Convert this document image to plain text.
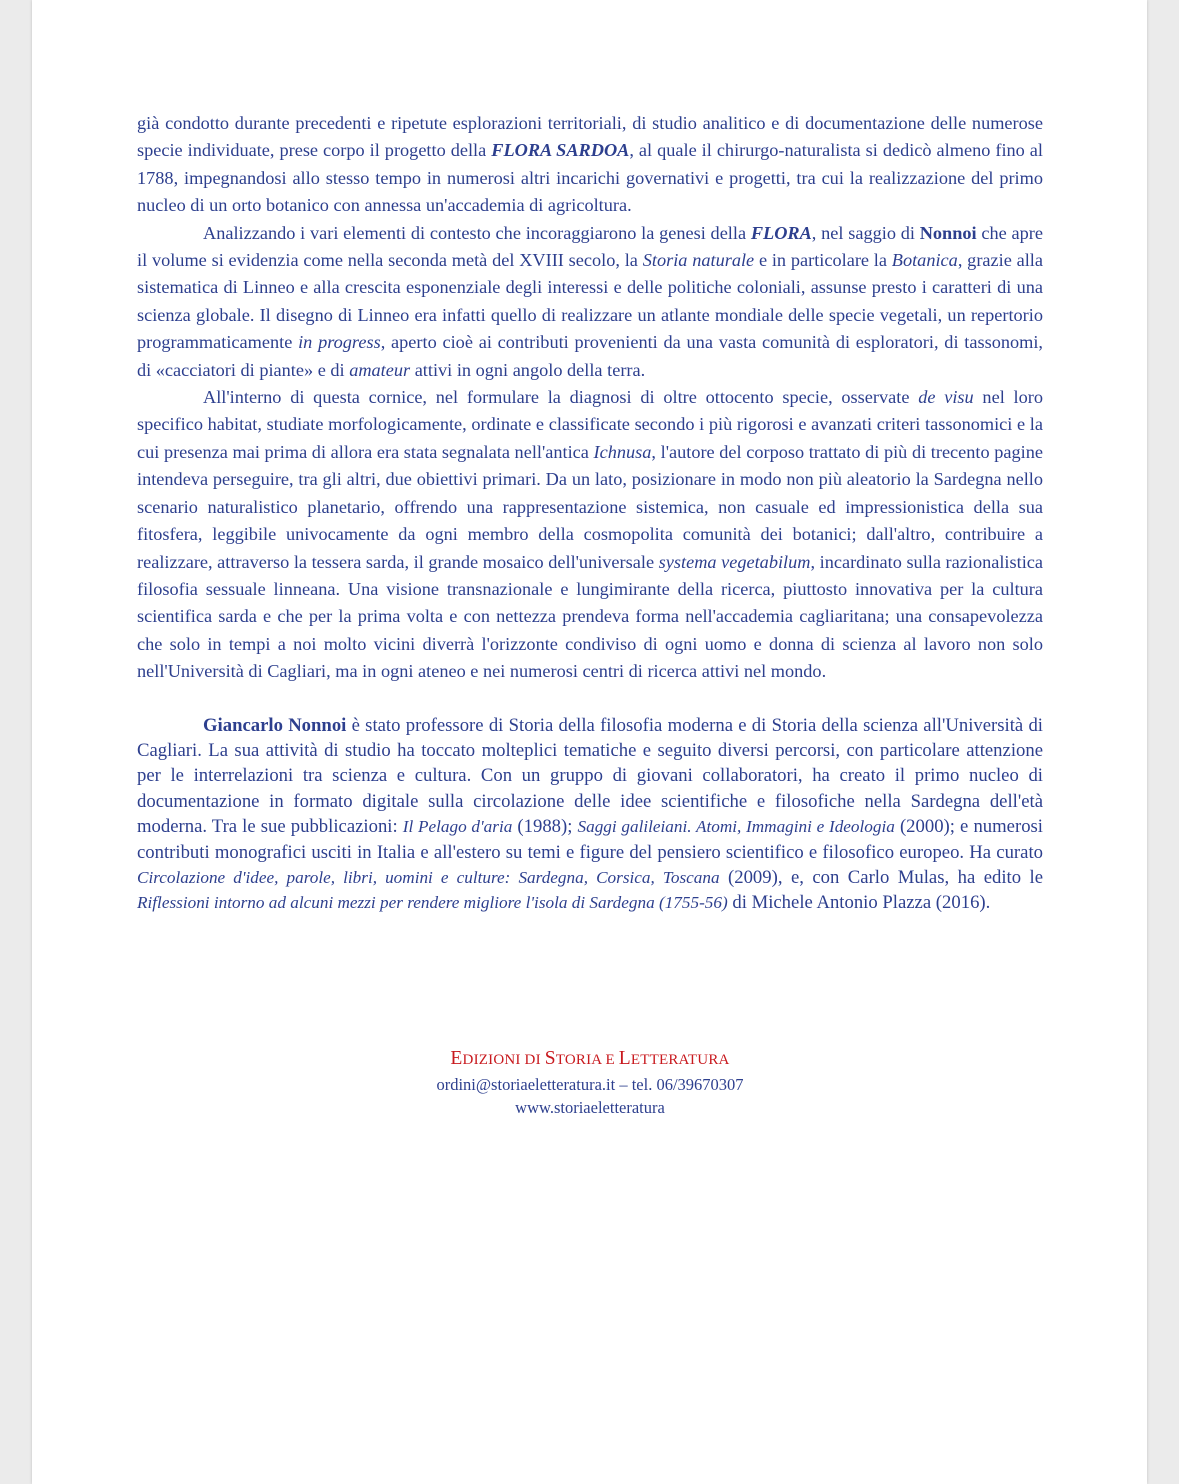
già condotto durante precedenti e ripetute esplorazioni territoriali, di studio analitico e di documentazione delle numerose specie individuate, prese corpo il progetto della FLORA SARDOA, al quale il chirurgo-naturalista si dedicò almeno fino al 1788, impegnandosi allo stesso tempo in numerosi altri incarichi governativi e progetti, tra cui la realizzazione del primo nucleo di un orto botanico con annessa un'accademia di agricoltura.

Analizzando i vari elementi di contesto che incoraggiarono la genesi della FLORA, nel saggio di Nonnoi che apre il volume si evidenzia come nella seconda metà del XVIII secolo, la Storia naturale e in particolare la Botanica, grazie alla sistematica di Linneo e alla crescita esponenziale degli interessi e delle politiche coloniali, assunse presto i caratteri di una scienza globale. Il disegno di Linneo era infatti quello di realizzare un atlante mondiale delle specie vegetali, un repertorio programmaticamente in progress, aperto cioè ai contributi provenienti da una vasta comunità di esploratori, di tassonomi, di «cacciatori di piante» e di amateur attivi in ogni angolo della terra.

All'interno di questa cornice, nel formulare la diagnosi di oltre ottocento specie, osservate de visu nel loro specifico habitat, studiate morfologicamente, ordinate e classificate secondo i più rigorosi e avanzati criteri tassonomici e la cui presenza mai prima di allora era stata segnalata nell'antica Ichnusa, l'autore del corposo trattato di più di trecento pagine intendeva perseguire, tra gli altri, due obiettivi primari. Da un lato, posizionare in modo non più aleatorio la Sardegna nello scenario naturalistico planetario, offrendo una rappresentazione sistemica, non casuale ed impressionistica della sua fitosfera, leggibile univocamente da ogni membro della cosmopolita comunità dei botanici; dall'altro, contribuire a realizzare, attraverso la tessera sarda, il grande mosaico dell'universale systema vegetabilum, incardinato sulla razionalistica filosofia sessuale linneana. Una visione transnazionale e lungimirante della ricerca, piuttosto innovativa per la cultura scientifica sarda e che per la prima volta e con nettezza prendeva forma nell'accademia cagliaritana; una consapevolezza che solo in tempi a noi molto vicini diverrà l'orizzonte condiviso di ogni uomo e donna di scienza al lavoro non solo nell'Università di Cagliari, ma in ogni ateneo e nei numerosi centri di ricerca attivi nel mondo.

Giancarlo Nonnoi è stato professore di Storia della filosofia moderna e di Storia della scienza all'Università di Cagliari. La sua attività di studio ha toccato molteplici tematiche e seguito diversi percorsi, con particolare attenzione per le interrelazioni tra scienza e cultura. Con un gruppo di giovani collaboratori, ha creato il primo nucleo di documentazione in formato digitale sulla circolazione delle idee scientifiche e filosofiche nella Sardegna dell'età moderna. Tra le sue pubblicazioni: Il Pelago d'aria (1988); Saggi galileiani. Atomi, Immagini e Ideologia (2000); e numerosi contributi monografici usciti in Italia e all'estero su temi e figure del pensiero scientifico e filosofico europeo. Ha curato Circolazione d'idee, parole, libri, uomini e culture: Sardegna, Corsica, Toscana (2009), e, con Carlo Mulas, ha edito le Riflessioni intorno ad alcuni mezzi per rendere migliore l'isola di Sardegna (1755-56) di Michele Antonio Plazza (2016).

EDIZIONI DI STORIA E LETTERATURA
ordini@storiaeletteratura.it – tel. 06/39670307
www.storiaeletteratura
